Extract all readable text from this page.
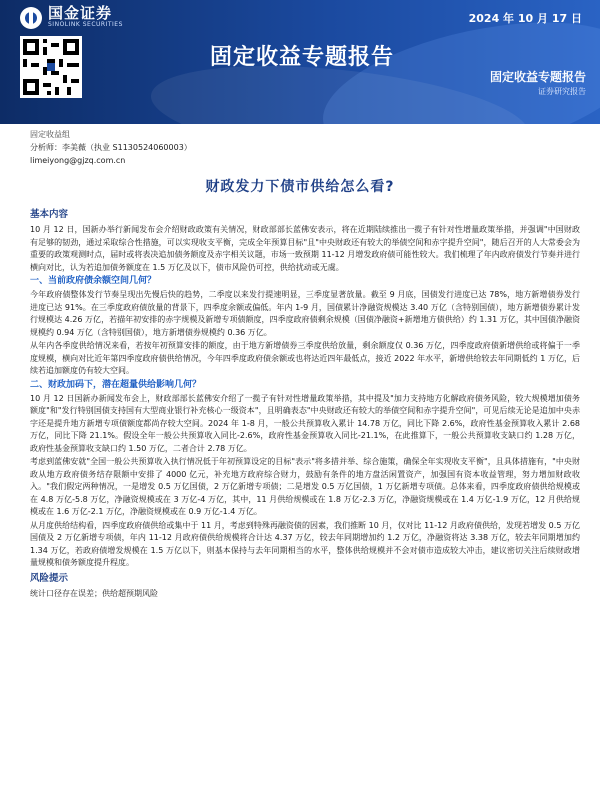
国金证券
SINOLINK SECURITIES	2024 年 10 月 17 日
固定收益专题报告
固定收益专题报告
证券研究报告
固定收益组
分析师：李美薇（执业 S1130524060003）
limeiyong@gjzq.com.cn
财政发力下债市供给怎么看?
基本内容

10 月 12 日，国新办举行新闻发布会介绍财政政策有关情况，财政部部长蓝佛安表示，将在近期陆续推出一揽子有针对性增量政策举措，并强调"中国财政有足够的韧劲，通过采取综合性措施，可以实现收支平衡，完成全年预算目标"且"中央财政还有较大的举债空间和赤字提升空间"，随后召开的人大常委会为重要的政策观测时点，届时或将表决追加债务额度及赤字相关议题，市场一致预期 11-12 月增发政府债可能性较大。我们梳理了年内政府债发行节奏并进行横向对比，认为若追加债务额度在 1.5 万亿及以下，债市风险仍可控，供给扰动或无虞。

一、当前政府债余额空间几何？

今年政府债整体发行节奏呈现出先慢后快的趋势，二季度以来发行提速明显，三季度显著放量。截至 9 月底，国债发行进度已达 78%，地方新增债券发行进度已达 91%。在三季度政府债放量的背景下，四季度余额或偏低。年内 1-9 月，国债累计净融资规模达 3.40 万亿（含特别国债），地方新增债券累计发行规模达 4.26 万亿，若描年初安排的赤字规模及新增专项债额度，四季度政府债剩余规模（国债净融资+新增地方债供给）约 1.31 万亿，其中国债净融资规模约 0.94 万亿（含特别国债），地方新增债券规模约 0.36 万亿。

从年内各季度供给情况来看，若按年初预算安排的额度，由于地方新增债券三季度供给放量，剩余额度仅 0.36 万亿，四季度政府债新增供给或将偏于一季度规模，横向对比近年第四季度政府债供给情况，今年四季度政府债余额或也将达近四年最低点，接近 2022 年水平，新增供给较去年同期低约 1 万亿，后续若追加额度仍有较大空间。

二、财政加码下，潜在超量供给影响几何？

10 月 12 日国新办新闻发布会上，财政部部长蓝佛安介绍了一揽子有针对性增量政策举措，其中提及"加力支持地方化解政府债务风险，较大规模增加债务额度"和"发行特别国债支持国有大型商业银行补充核心一级资本"，且明确表态"中央财政还有较大的举债空间和赤字提升空间"，可见后续无论是追加中央赤字还是提升地方新增专项债额度都尚存较大空间。2024 年 1-8 月，一般公共预算收入累计 14.78 万亿，同比下降 2.6%，政府性基金预算收入累计 2.68 万亿，同比下降 21.1%。假设全年一般公共预算收入同比-2.6%，政府性基金预算收入同比-21.1%，在此推算下，一般公共预算收支缺口约 1.28 万亿，政府性基金预算收支缺口约 1.50 万亿，二者合计 2.78 万亿。

考虑到蓝佛安就"全国一般公共预算收入执行情况低于年初预算设定的目标"表示"将多措并举、综合施策，确保全年实现收支平衡"，且具体措施有，"中央财政从地方政府债务结存限额中安排了 4000 亿元，补充地方政府综合财力，鼓励有条件的地方盘活闲置资产，加强国有资本收益管理，努力增加财政收入。"我们假定两种情况，一是增发 0.5 万亿国债，2 万亿新增专项债；二是增发 0.5 万亿国债，1 万亿新增专项债。总体来看，四季度政府债供给规模或在 4.8 万亿-5.8 万亿，净融资规模或在 3 万亿-4 万亿，其中，11 月供给规模或在 1.8 万亿-2.3 万亿，净融资规模或在 1.4 万亿-1.9 万亿，12 月供给规模或在 1.6 万亿-2.1 万亿，净融资规模或在 0.9 万亿-1.4 万亿。

从月度供给结构看，四季度政府债供给或集中于 11 月，考虑到特殊再融资债的因素，我们推断 10 月，仅对比 11-12 月政府债供给，发现若增发 0.5 万亿国债及 2 万亿新增专项债，年内 11-12 月政府债供给规模将合计达 4.37 万亿，较去年同期增加约 1.2 万亿，净融资将达 3.38 万亿，较去年同期增加约 1.34 万亿，若政府债增发规模在 1.5 万亿以下，则基本保持与去年同期相当的水平，整体供给规模并不会对债市造成较大冲击，建议密切关注后续财政增量规模和债务额度提升程度。

风险提示
统计口径存在误差；供给超预期风险
